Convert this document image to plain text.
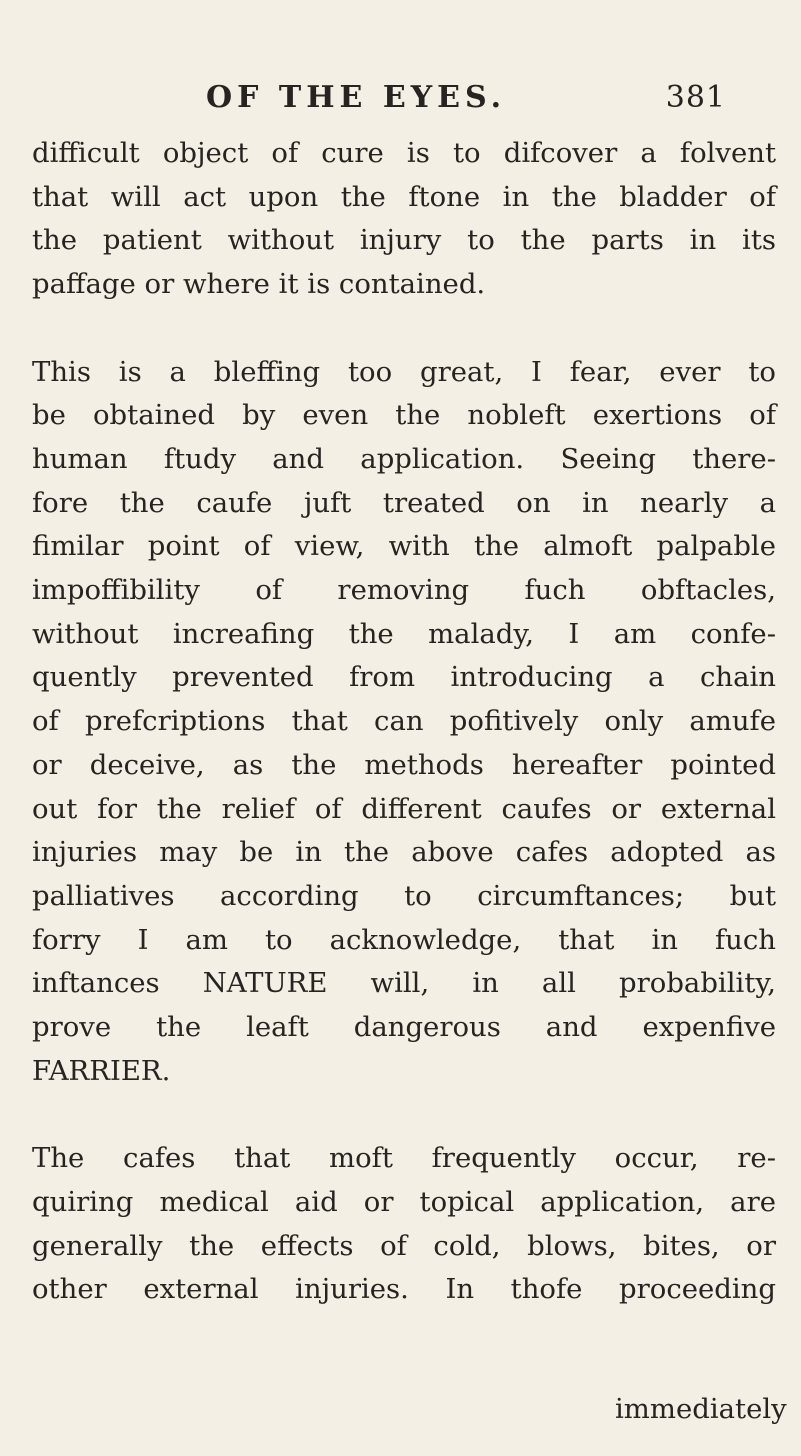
OF THE EYES.	381
difficult object of cure is to difcover a folvent
that will act upon the ftone in the bladder of
the patient without injury to the parts in its
paffage or where it is contained.
This is a bleffing too great, I fear, ever to
be obtained by even the nobleft exertions of
human ftudy and application. Seeing there-
fore the caufe juft treated on in nearly a
fimilar point of view, with the almoft palpable
impoffibility of removing fuch obftacles,
without increafing the malady, I am confe-
quently prevented from introducing a chain
of prefcriptions that can pofitively only amufe
or deceive, as the methods hereafter pointed
out for the relief of different caufes or external
injuries may be in the above cafes adopted as
palliatives according to circumftances; but
forry I am to acknowledge, that in fuch
inftances NATURE will, in all probability,
prove the leaft dangerous and expenfive
FARRIER.
The cafes that moft frequently occur, re-
quiring medical aid or topical application, are
generally the effects of cold, blows, bites, or
other external injuries. In thofe proceeding
immediately
